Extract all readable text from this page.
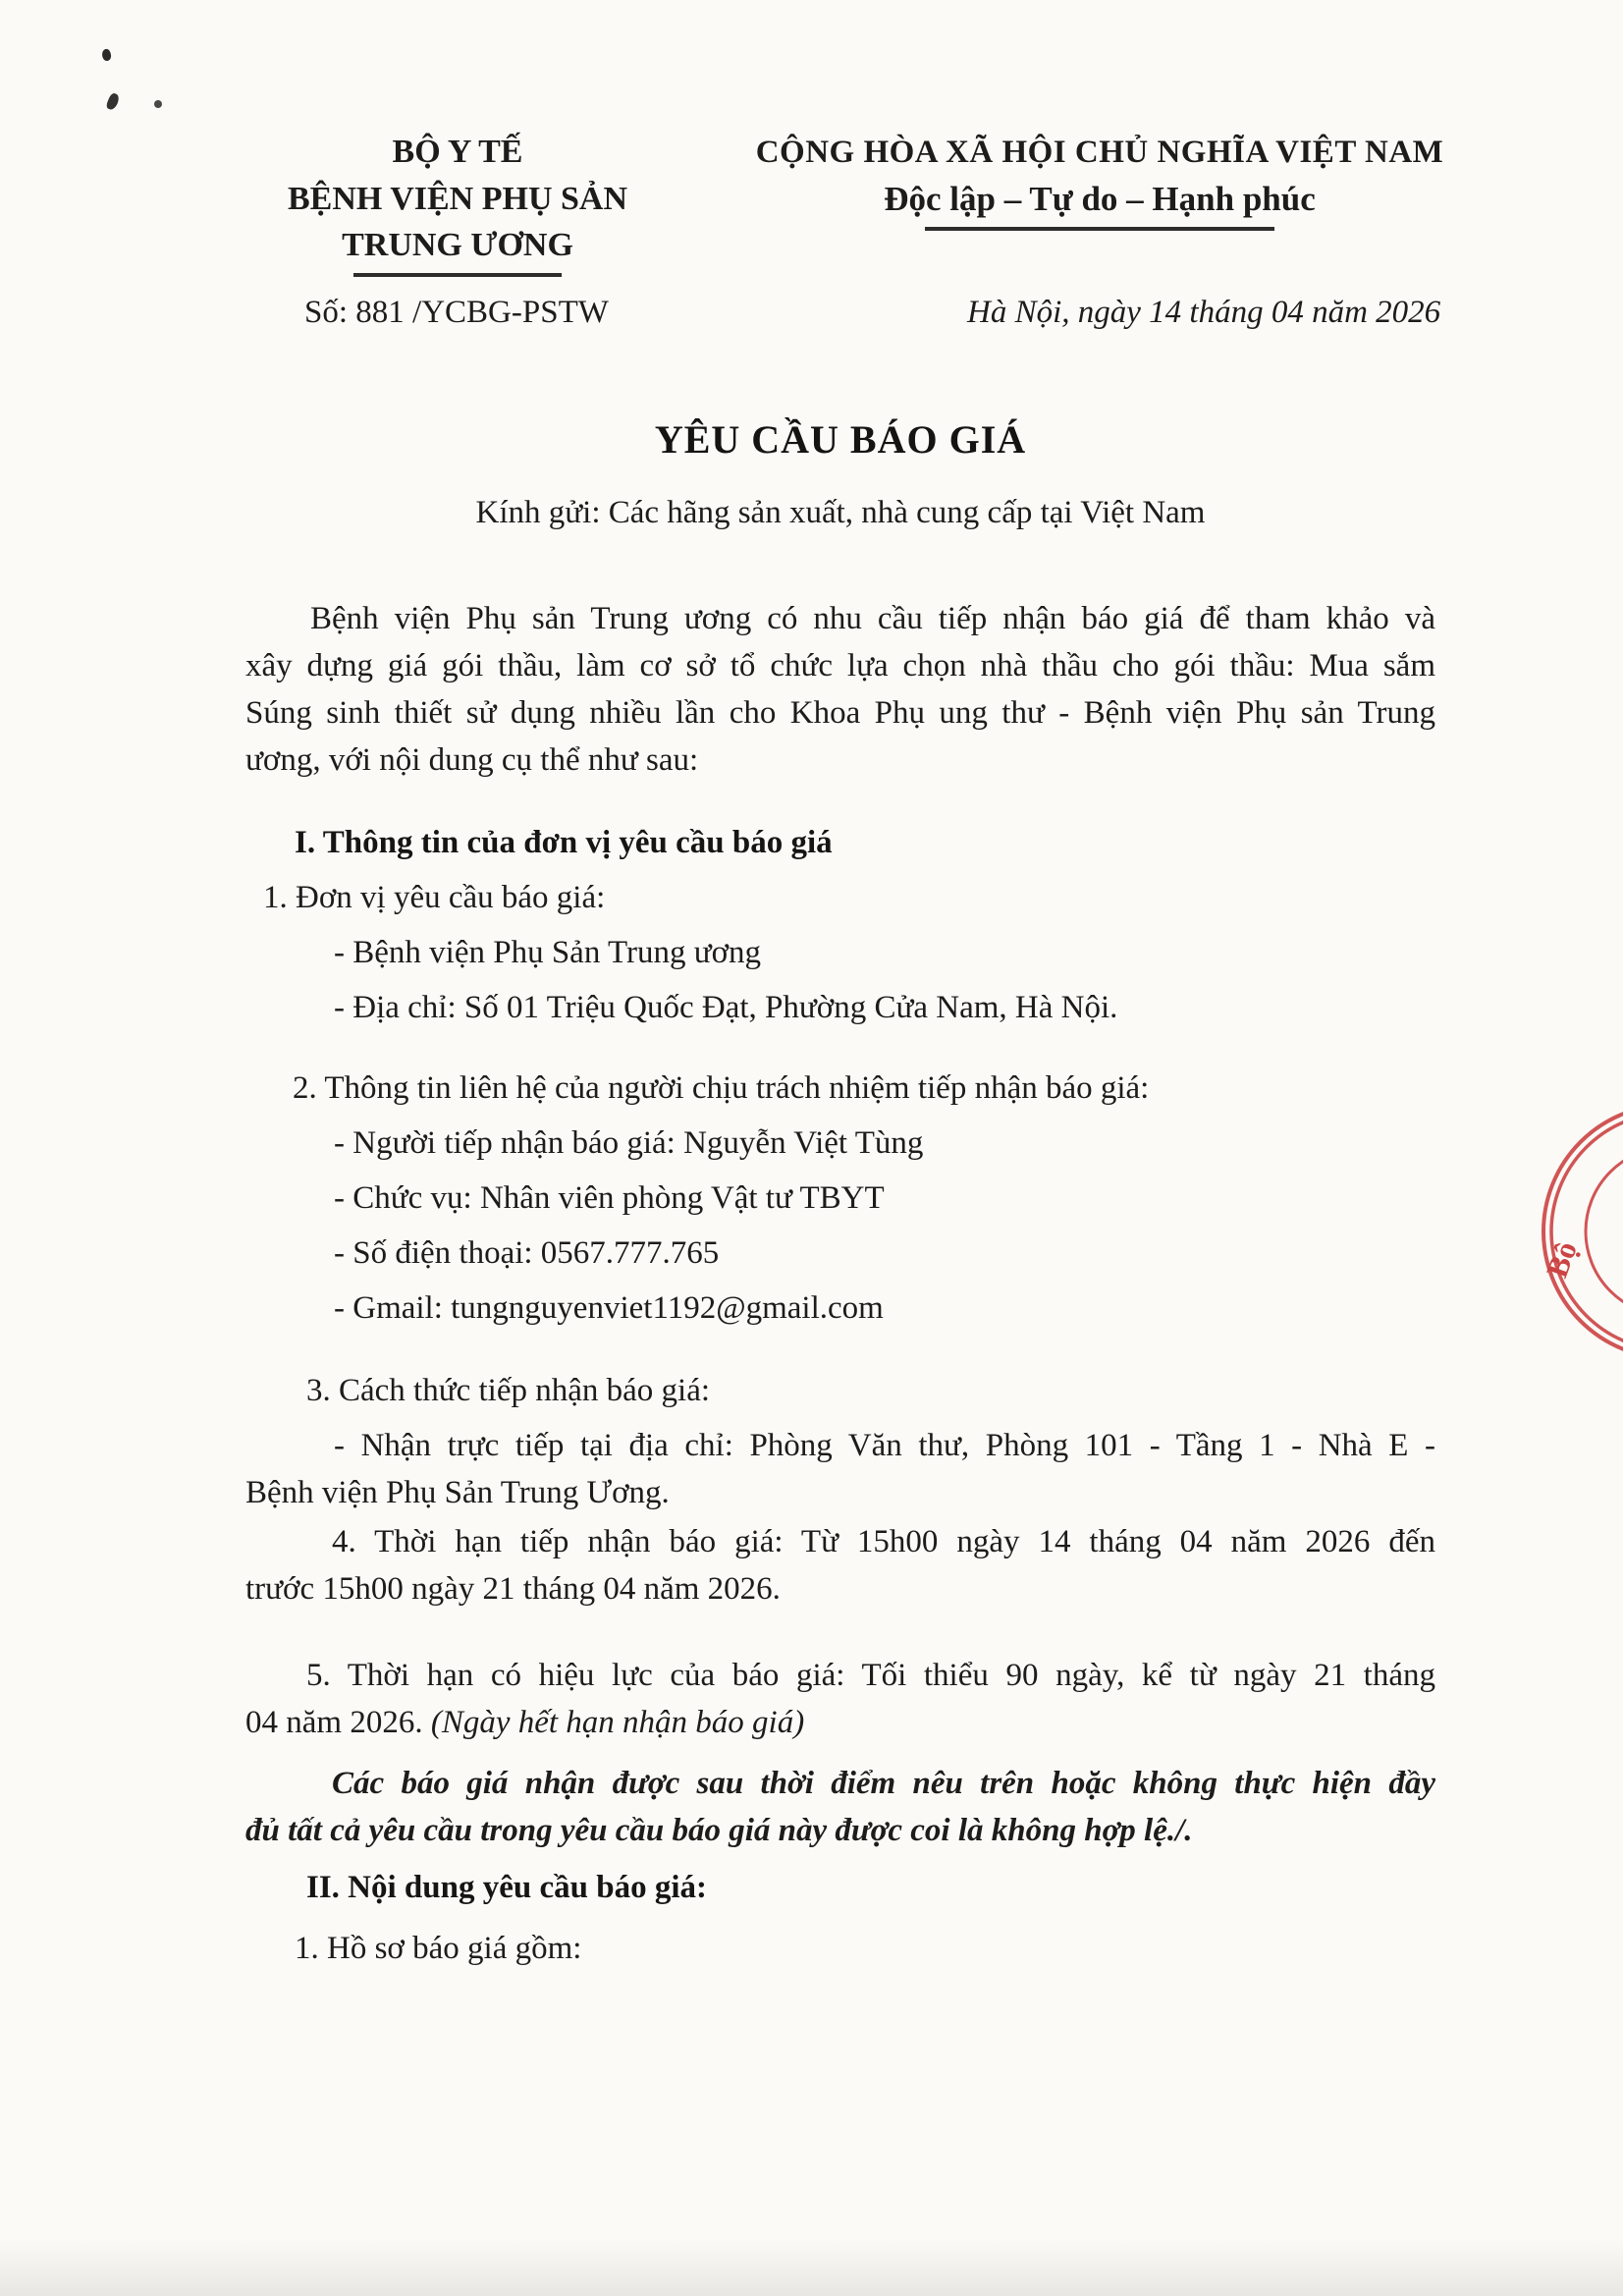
BỘ Y TẾ
BỆNH VIỆN PHỤ SẢN
TRUNG ƯƠNG
CỘNG HÒA XÃ HỘI CHỦ NGHĨA VIỆT NAM
Độc lập – Tự do – Hạnh phúc
Số: 881 /YCBG-PSTW	Hà Nội, ngày 14 tháng 04 năm 2026
YÊU CẦU BÁO GIÁ
Kính gửi: Các hãng sản xuất, nhà cung cấp tại Việt Nam
Bệnh viện Phụ sản Trung ương có nhu cầu tiếp nhận báo giá để tham khảo và
xây dựng giá gói thầu, làm cơ sở tổ chức lựa chọn nhà thầu cho gói thầu: Mua sắm
Súng sinh thiết sử dụng nhiều lần cho Khoa Phụ ung thư - Bệnh viện Phụ sản Trung
ương, với nội dung cụ thể như sau:
I. Thông tin của đơn vị yêu cầu báo giá
1. Đơn vị yêu cầu báo giá:
- Bệnh viện Phụ Sản Trung ương
- Địa chỉ: Số 01 Triệu Quốc Đạt, Phường Cửa Nam, Hà Nội.
2. Thông tin liên hệ của người chịu trách nhiệm tiếp nhận báo giá:
- Người tiếp nhận báo giá: Nguyễn Việt Tùng
- Chức vụ: Nhân viên phòng Vật tư TBYT
- Số điện thoại: 0567.777.765
- Gmail: tungnguyenviet1192@gmail.com
3. Cách thức tiếp nhận báo giá:
- Nhận trực tiếp tại địa chỉ: Phòng Văn thư, Phòng 101 - Tầng 1 - Nhà E -
Bệnh viện Phụ Sản Trung Ương.
4. Thời hạn tiếp nhận báo giá: Từ 15h00 ngày 14 tháng 04 năm 2026 đến
trước 15h00 ngày 21 tháng 04 năm 2026.
5. Thời hạn có hiệu lực của báo giá: Tối thiểu 90 ngày, kể từ ngày 21 tháng
04 năm 2026. (Ngày hết hạn nhận báo giá)
Các báo giá nhận được sau thời điểm nêu trên hoặc không thực hiện đầy
đủ tất cả yêu cầu trong yêu cầu báo giá này được coi là không hợp lệ./.
II. Nội dung yêu cầu báo giá:
1. Hồ sơ báo giá gồm:
Bộ
